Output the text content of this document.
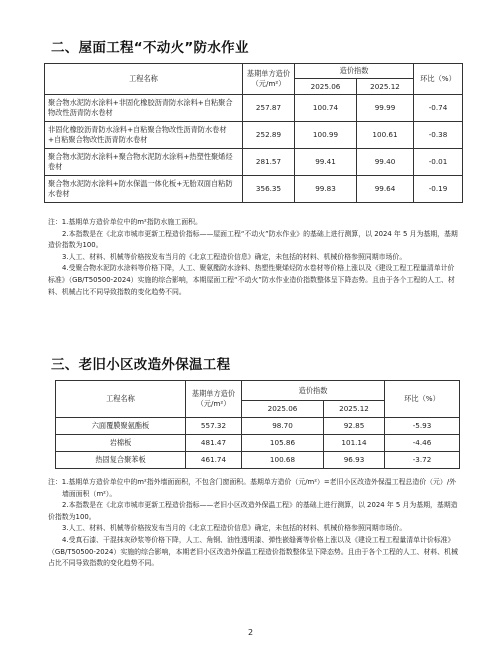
二、屋面工程“不动火”防水作业
工程名称	基期单方造价（元/m²）	造价指数		环比（%）
		2025.06	2025.12	
聚合物水泥防水涂料+非固化橡胶沥青防水涂料+自粘聚合物改性沥青防水卷材	257.87	100.74	99.99	-0.74
非固化橡胶沥青防水涂料+自粘聚合物改性沥青防水卷材+自粘聚合物改性沥青防水卷材	252.89	100.99	100.61	-0.38
聚合物水泥防水涂料+聚合物水泥防水涂料+热塑性聚烯烃卷材	281.57	99.41	99.40	-0.01
聚合物水泥防水涂料+防水保温一体化板+无胎双面自粘防水卷材	356.35	99.83	99.64	-0.19

注：1.基期单方造价单位中的m²指防水施工面积。

2.本指数是在《北京市城市更新工程造价指标——屋面工程“不动火”防水作业》的基础上进行测算，以 2024 年 5 月为基期，基期造价指数为100。

3.人工、材料、机械等价格按发布当月的《北京工程造价信息》确定，未包括的材料、机械价格参照同期市场价。

4.受聚合物水泥防水涂料等价格下降，人工、聚氨酯防水涂料、热塑性聚烯烃防水卷材等价格上涨以及《建设工程工程量清单计价标准》（GB/T50500-2024）实施的综合影响，本期屋面工程“不动火”防水作业造价指数整体呈下降态势。且由于各个工程的人工、材料、机械占比不同导致指数的变化趋势不同。

三、老旧小区改造外保温工程
工程名称	基期单方造价（元/m²）	造价指数		环比（%）
		2025.06	2025.12	
六面覆膜聚氨酯板	557.32	98.70	92.85	-5.93
岩棉板	481.47	105.86	101.14	-4.46
热固复合聚苯板	461.74	100.68	96.93	-3.72

注：1.基期单方造价单位中的m²指外墙面面积，不包含门窗面积。基期单方造价（元/m²）=老旧小区改造外保温工程总造价（元）/外墙面面积（m²）。

2.本指数是在《北京市城市更新工程造价指标——老旧小区改造外保温工程》的基础上进行测算，以 2024 年 5 月为基期，基期造价指数为100。

3.人工、材料、机械等价格按发布当月的《北京工程造价信息》确定，未包括的材料、机械价格参照同期市场价。

4.受真石漆、干混抹灰砂浆等价格下降，人工、角钢、油性透明漆、弹性嵌缝膏等价格上涨以及《建设工程工程量清单计价标准》（GB/T50500-2024）实施的综合影响，本期老旧小区改造外保温工程造价指数整体呈下降态势。且由于各个工程的人工、材料、机械占比不同导致指数的变化趋势不同。

2
